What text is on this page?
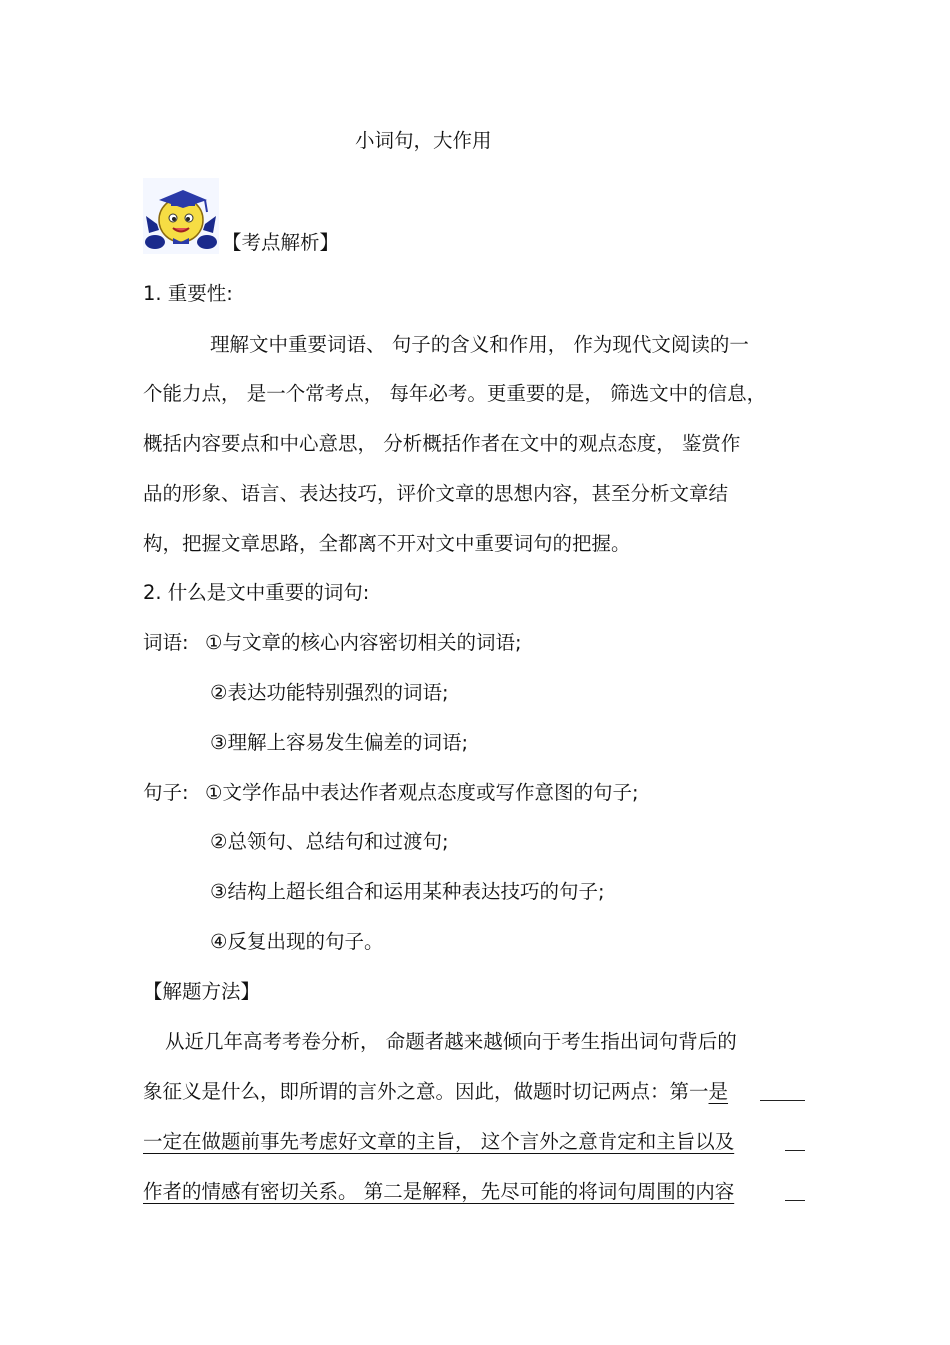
小词句，大作用
【考点解析】
1. 重要性:
理解文中重要词语、 句子的含义和作用， 作为现代文阅读的一
个能力点， 是一个常考点， 每年必考。更重要的是， 筛选文中的信息，
概括内容要点和中心意思， 分析概括作者在文中的观点态度， 鉴赏作
品的形象、语言、表达技巧，评价文章的思想内容，甚至分析文章结
构，把握文章思路，全都离不开对文中重要词句的把握。
2. 什么是文中重要的词句:
词语: ①与文章的核心内容密切相关的词语;
②表达功能特别强烈的词语;
③理解上容易发生偏差的词语;
句子: ①文学作品中表达作者观点态度或写作意图的句子;
②总领句、总结句和过渡句;
③结构上超长组合和运用某种表达技巧的句子;
④反复出现的句子。
【解题方法】
从近几年高考考卷分析， 命题者越来越倾向于考生指出词句背后的
象征义是什么，即所谓的言外之意。因此，做题时切记两点：第一是
一定在做题前事先考虑好文章的主旨， 这个言外之意肯定和主旨以及
作者的情感有密切关系。 第二是解释，先尽可能的将词句周围的内容
